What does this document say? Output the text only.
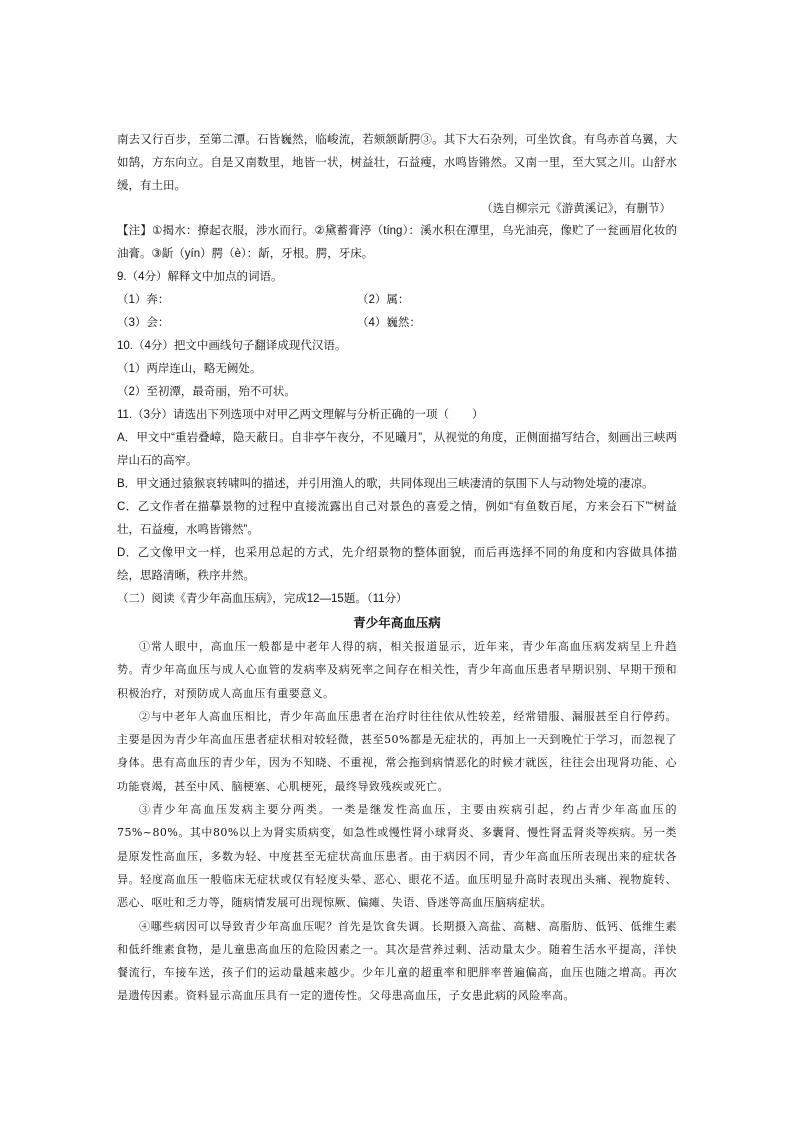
南去又行百步，至第二潭。石皆巍然，临峻流，若颏颔龂腭③。其下大石杂列，可坐饮食。有鸟赤首乌翼，大如鹄，方东向立。自是又南数里，地皆一状，树益壮，石益瘦，水鸣皆锵然。又南一里，至大冥之川。山舒水缓，有土田。

（选自柳宗元《游黄溪记》，有删节）

【注】①揭水：撩起衣服，涉水而行。②黛蓄膏渟（tíng）：溪水积在潭里，乌光油亮，像贮了一瓮画眉化妆的油膏。③龂（yín）腭（è）：龂，牙根。腭，牙床。

9.（4分）解释文中加点的词语。

（1）奔：	（2）属：
（3）会：	（4）巍然：

10.（4分）把文中画线句子翻译成现代汉语。

（1）两岸连山，略无阙处。

（2）至初潭，最奇丽，殆不可状。

11.（3分）请选出下列选项中对甲乙两文理解与分析正确的一项（　　）

A．甲文中“重岩叠嶂，隐天蔽日。自非亭午夜分，不见曦月”，从视觉的角度，正侧面描写结合，刻画出三峡两岸山石的高窄。

B．甲文通过猿猴哀转啸叫的描述，并引用渔人的歌，共同体现出三峡凄清的氛围下人与动物处境的凄凉。

C．乙文作者在描摹景物的过程中直接流露出自己对景色的喜爱之情，例如“有鱼数百尾，方来会石下”“树益壮，石益瘦，水鸣皆锵然”。

D．乙文像甲文一样，也采用总起的方式，先介绍景物的整体面貌，而后再选择不同的角度和内容做具体描绘，思路清晰，秩序井然。

（二）阅读《青少年高血压病》，完成12—15题。（11分）

青少年高血压病

①常人眼中，高血压一般都是中老年人得的病，相关报道显示，近年来，青少年高血压病发病呈上升趋势。青少年高血压与成人心血管的发病率及病死率之间存在相关性，青少年高血压患者早期识别、早期干预和积极治疗，对预防成人高血压有重要意义。

②与中老年人高血压相比，青少年高血压患者在治疗时往往依从性较差，经常错服、漏服甚至自行停药。主要是因为青少年高血压患者症状相对较轻微，甚至50%都是无症状的，再加上一天到晚忙于学习，而忽视了身体。患有高血压的青少年，因为不知晓、不重视，常会拖到病情恶化的时候才就医，往往会出现肾功能、心功能衰竭，甚至中风、脑梗塞、心肌梗死，最终导致残疾或死亡。

③青少年高血压发病主要分两类。一类是继发性高血压，主要由疾病引起，约占青少年高血压的75%~80%。其中80%以上为肾实质病变，如急性或慢性肾小球肾炎、多囊肾、慢性肾盂肾炎等疾病。另一类是原发性高血压，多数为轻、中度甚至无症状高血压患者。由于病因不同，青少年高血压所表现出来的症状各异。轻度高血压一般临床无症状或仅有轻度头晕、恶心、眼花不适。血压明显升高时表现出头痛、视物旋转、恶心、呕吐和乏力等，随病情发展可出现惊厥、偏瘫、失语、昏迷等高血压脑病症状。

④哪些病因可以导致青少年高血压呢？首先是饮食失调。长期摄入高盐、高糖、高脂肪、低钙、低维生素和低纤维素食物，是儿童患高血压的危险因素之一。其次是营养过剩、活动量太少。随着生活水平提高，洋快餐流行，车接车送，孩子们的运动量越来越少。少年儿童的超重率和肥胖率普遍偏高，血压也随之增高。再次是遗传因素。资料显示高血压具有一定的遗传性。父母患高血压，子女患此病的风险率高。
